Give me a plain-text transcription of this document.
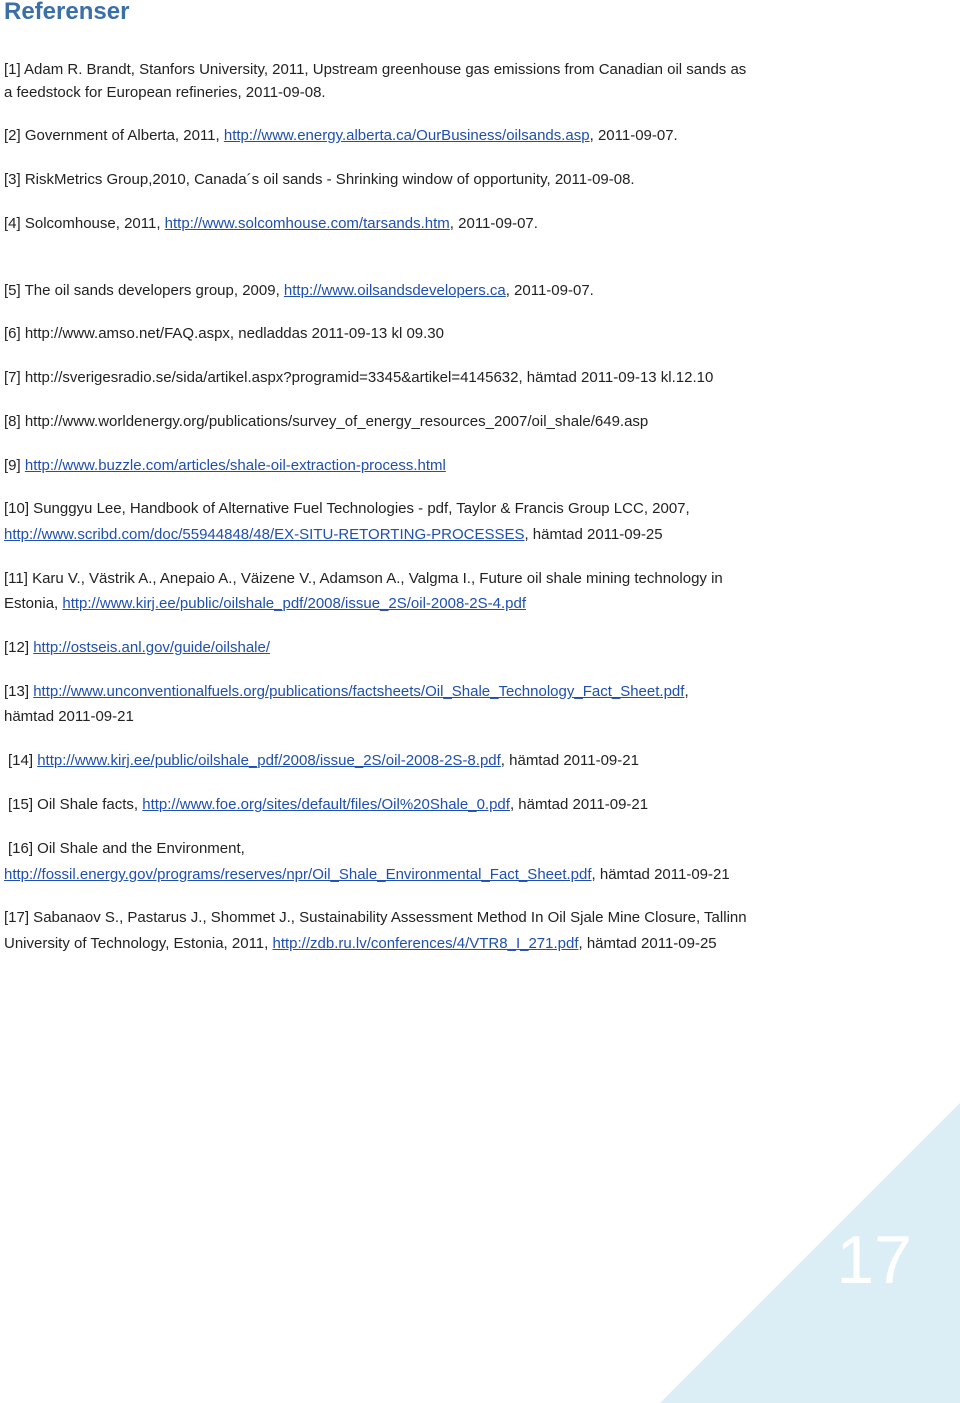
Referenser
[1] Adam R. Brandt, Stanfors University, 2011, Upstream greenhouse gas emissions from Canadian oil sands as
a feedstock for European refineries, 2011-09-08.
[2] Government of Alberta, 2011, http://www.energy.alberta.ca/OurBusiness/oilsands.asp, 2011-09-07.
[3] RiskMetrics Group,2010, Canada´s oil sands - Shrinking window of opportunity, 2011-09-08.
[4] Solcomhouse, 2011, http://www.solcomhouse.com/tarsands.htm, 2011-09-07.
[5] The oil sands developers group, 2009, http://www.oilsandsdevelopers.ca, 2011-09-07.
[6] http://www.amso.net/FAQ.aspx, nedladdas 2011-09-13 kl 09.30
[7] http://sverigesradio.se/sida/artikel.aspx?programid=3345&artikel=4145632, hämtad 2011-09-13 kl.12.10
[8] http://www.worldenergy.org/publications/survey_of_energy_resources_2007/oil_shale/649.asp
[9] http://www.buzzle.com/articles/shale-oil-extraction-process.html
[10] Sunggyu Lee, Handbook of Alternative Fuel Technologies - pdf, Taylor & Francis Group LCC, 2007,
http://www.scribd.com/doc/55944848/48/EX-SITU-RETORTING-PROCESSES, hämtad 2011-09-25
[11] Karu V., Västrik A., Anepaio A., Väizene V., Adamson A., Valgma I., Future oil shale mining technology in
Estonia, http://www.kirj.ee/public/oilshale_pdf/2008/issue_2S/oil-2008-2S-4.pdf
[12] http://ostseis.anl.gov/guide/oilshale/
[13] http://www.unconventionalfuels.org/publications/factsheets/Oil_Shale_Technology_Fact_Sheet.pdf,
hämtad 2011-09-21
[14] http://www.kirj.ee/public/oilshale_pdf/2008/issue_2S/oil-2008-2S-8.pdf, hämtad 2011-09-21
[15] Oil Shale facts, http://www.foe.org/sites/default/files/Oil%20Shale_0.pdf, hämtad 2011-09-21
[16] Oil Shale and the Environment,
http://fossil.energy.gov/programs/reserves/npr/Oil_Shale_Environmental_Fact_Sheet.pdf, hämtad 2011-09-21
[17] Sabanaov S., Pastarus J., Shommet J., Sustainability Assessment Method In Oil Sjale Mine Closure, Tallinn
University of Technology, Estonia, 2011, http://zdb.ru.lv/conferences/4/VTR8_I_271.pdf, hämtad 2011-09-25
17
